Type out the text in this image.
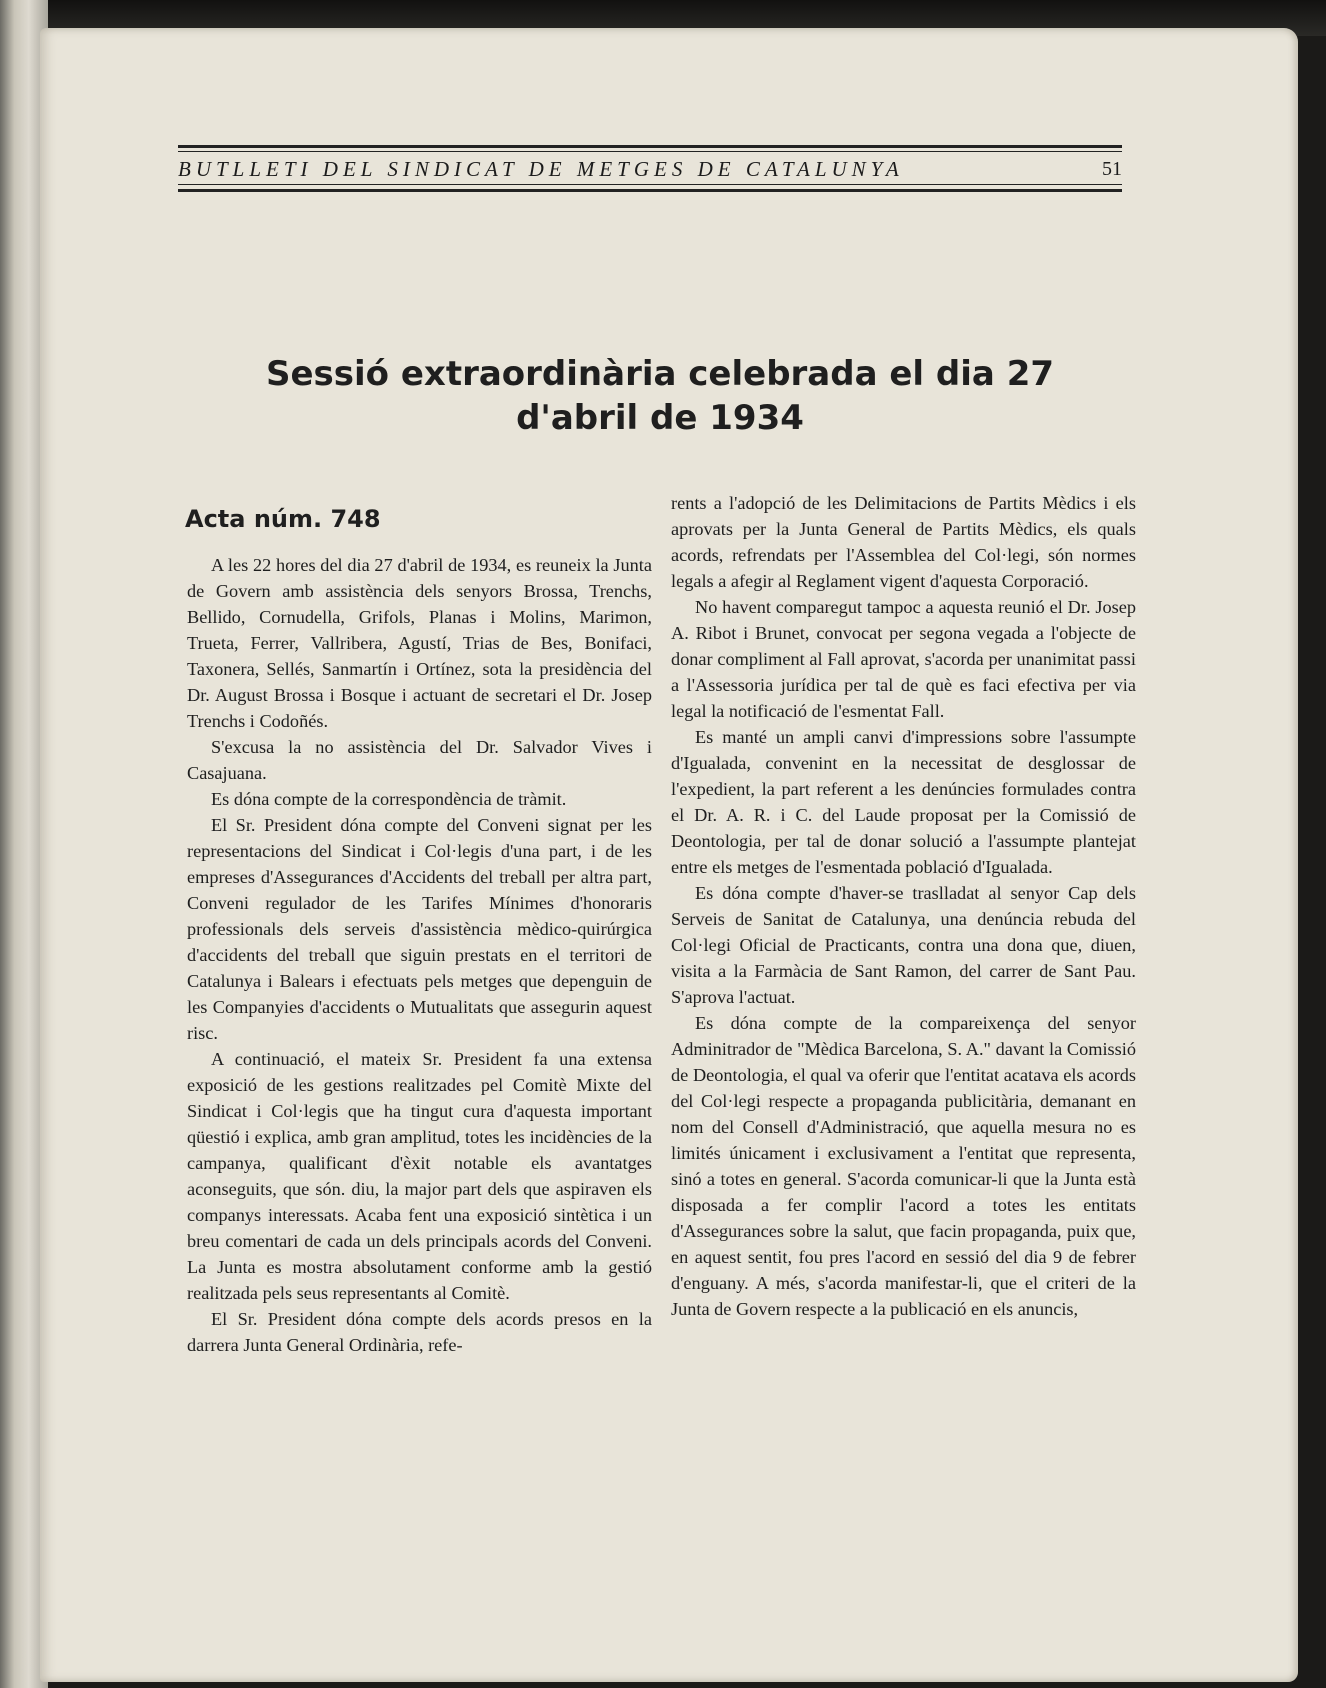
BUTLLETI DEL SINDICAT DE METGES DE CATALUNYA	51
Sessió extraordinària celebrada el dia 27 d'abril de 1934
Acta núm. 748

A les 22 hores del dia 27 d'abril de 1934, es reuneix la Junta de Govern amb assistència dels senyors Brossa, Trenchs, Bellido, Cornudella, Grifols, Planas i Molins, Marimon, Trueta, Ferrer, Vallribera, Agustí, Trias de Bes, Bonifaci, Taxonera, Sellés, Sanmartín i Ortínez, sota la presidència del Dr. August Brossa i Bosque i actuant de secretari el Dr. Josep Trenchs i Codoñés.

S'excusa la no assistència del Dr. Salvador Vives i Casajuana.

Es dóna compte de la correspondència de tràmit.

El Sr. President dóna compte del Conveni signat per les representacions del Sindicat i Col·legis d'una part, i de les empreses d'Assegurances d'Accidents del treball per altra part, Conveni regulador de les Tarifes Mínimes d'honoraris professionals dels serveis d'assistència mèdico-quirúrgica d'accidents del treball que siguin prestats en el territori de Catalunya i Balears i efectuats pels metges que depenguin de les Companyies d'accidents o Mutualitats que assegurin aquest risc.

A continuació, el mateix Sr. President fa una extensa exposició de les gestions realitzades pel Comitè Mixte del Sindicat i Col·legis que ha tingut cura d'aquesta important qüestió i explica, amb gran amplitud, totes les incidències de la campanya, qualificant d'èxit notable els avantatges aconseguits, que són. diu, la major part dels que aspiraven els companys interessats. Acaba fent una exposició sintètica i un breu comentari de cada un dels principals acords del Conveni. La Junta es mostra absolutament conforme amb la gestió realitzada pels seus representants al Comitè.

El Sr. President dóna compte dels acords presos en la darrera Junta General Ordinària, refe-

rents a l'adopció de les Delimitacions de Partits Mèdics i els aprovats per la Junta General de Partits Mèdics, els quals acords, refrendats per l'Assemblea del Col·legi, són normes legals a afegir al Reglament vigent d'aquesta Corporació.

No havent comparegut tampoc a aquesta reunió el Dr. Josep A. Ribot i Brunet, convocat per segona vegada a l'objecte de donar compliment al Fall aprovat, s'acorda per unanimitat passi a l'Assessoria jurídica per tal de què es faci efectiva per via legal la notificació de l'esmentat Fall.

Es manté un ampli canvi d'impressions sobre l'assumpte d'Igualada, convenint en la necessitat de desglossar de l'expedient, la part referent a les denúncies formulades contra el Dr. A. R. i C. del Laude proposat per la Comissió de Deontologia, per tal de donar solució a l'assumpte plantejat entre els metges de l'esmentada població d'Igualada.

Es dóna compte d'haver-se traslladat al senyor Cap dels Serveis de Sanitat de Catalunya, una denúncia rebuda del Col·legi Oficial de Practicants, contra una dona que, diuen, visita a la Farmàcia de Sant Ramon, del carrer de Sant Pau. S'aprova l'actuat.

Es dóna compte de la compareixença del senyor Adminitrador de "Mèdica Barcelona, S. A." davant la Comissió de Deontologia, el qual va oferir que l'entitat acatava els acords del Col·legi respecte a propaganda publicitària, demanant en nom del Consell d'Administració, que aquella mesura no es limités únicament i exclusivament a l'entitat que representa, sinó a totes en general. S'acorda comunicar-li que la Junta està disposada a fer complir l'acord a totes les entitats d'Assegurances sobre la salut, que facin propaganda, puix que, en aquest sentit, fou pres l'acord en sessió del dia 9 de febrer d'enguany. A més, s'acorda manifestar-li, que el criteri de la Junta de Govern respecte a la publicació en els anuncis,
